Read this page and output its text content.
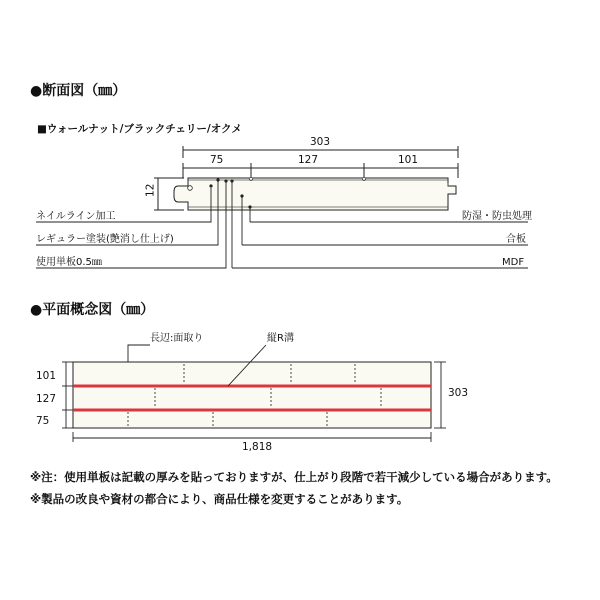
●断面図（㎜）
■ウォールナット/ブラックチェリー/オクメ
303
75	127	101
12
ネイルライン加工
レギュラー塗装(艶消し仕上げ)
使用単板0.5㎜
防湿・防虫処理
合板
MDF
●平面概念図（㎜）
長辺:面取り	縦R溝
101
127
75
303
1,818
※注：使用単板は記載の厚みを貼っておりますが、仕上がり段階で若干減少している場合があります。
※製品の改良や資材の都合により、商品仕様を変更することがあります。
